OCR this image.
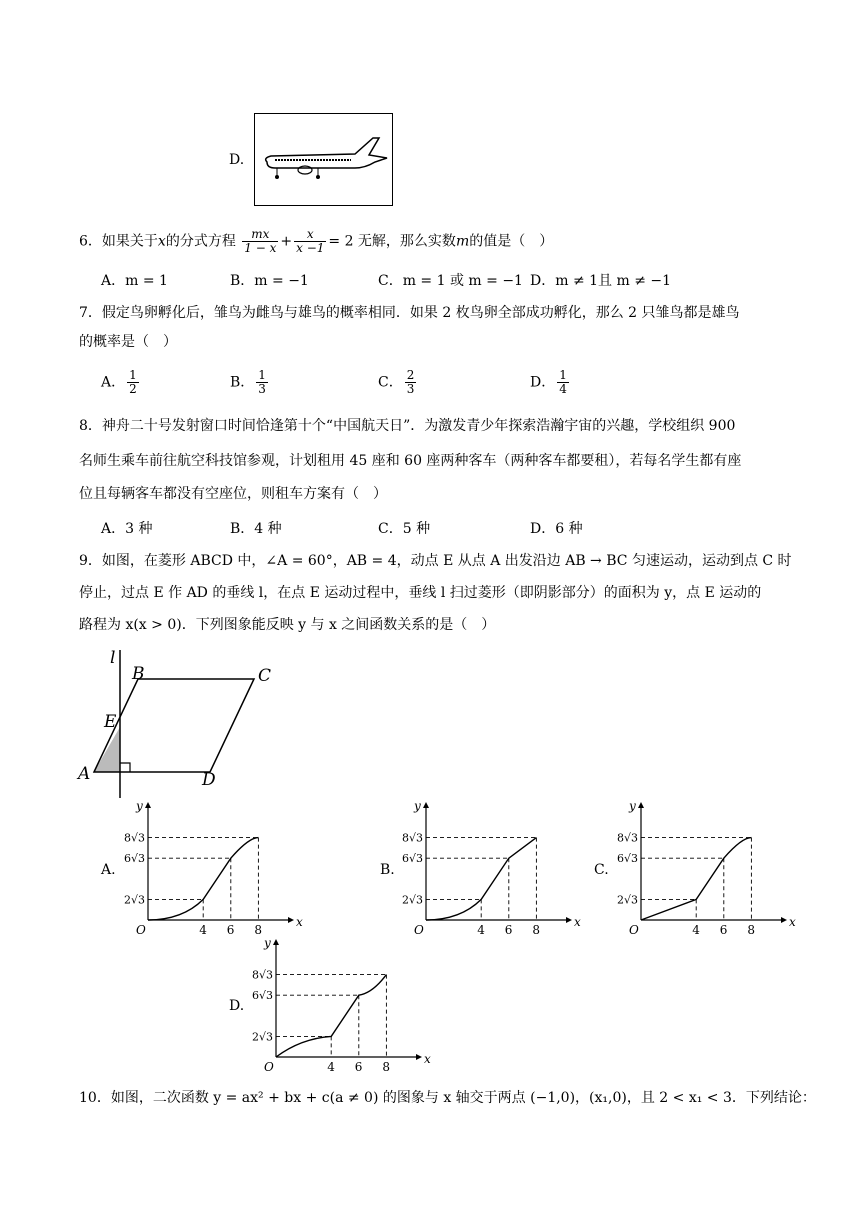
D.
6．如果关于x的分式方程 $\frac{mx}{1 - x} + \frac{x}{x -1} = 2$ 无解，那么实数m的值是（　）
A．m = 1	B．m = −1	C．m = 1 或 m = −1 D．m ≠ 1且 m ≠ −1
7．假定鸟卵孵化后，雏鸟为雌鸟与雄鸟的概率相同．如果 2 枚鸟卵全部成功孵化，那么 2 只雏鸟都是雄鸟
的概率是（　）
A． $\frac{1}{2}$	B． $\frac{1}{3}$	C． $\frac{2}{3}$	D． $\frac{1}{4}$
8．神舟二十号发射窗口时间恰逢第十个“中国航天日”．为激发青少年探索浩瀚宇宙的兴趣，学校组织 900
名师生乘车前往航空科技馆参观，计划租用 45 座和 60 座两种客车（两种客车都要租），若每名学生都有座
位且每辆客车都没有空座位，则租车方案有（　）
A．3 种	B．4 种	C．5 种	D．6 种
9．如图，在菱形 ABCD 中，∠A = 60°，AB = 4，动点 E 从点 A 出发沿边 AB → BC 匀速运动，运动到点 C 时
停止，过点 E 作 AD 的垂线 l，在点 E 运动过程中，垂线 l 扫过菱形（即阴影部分）的面积为 y，点 E 运动的
路程为 x(x > 0)．下列图象能反映 y 与 x 之间函数关系的是（　）
l
B	C
E
A	D
A.	B.	C.
D.
x
y
O	4 6 8
8√3
6√3
2√3
x
y
O	4 6 8
8√3
6√3
2√3
x
y
O	4 6 8
8√3
6√3
2√3
x
y
O	4 6 8
8√3
6√3
2√3
10．如图，二次函数 y = ax² + bx + c(a ≠ 0) 的图象与 x 轴交于两点 (−1,0)，(x₁,0)，且 2 < x₁ < 3．下列结论：
